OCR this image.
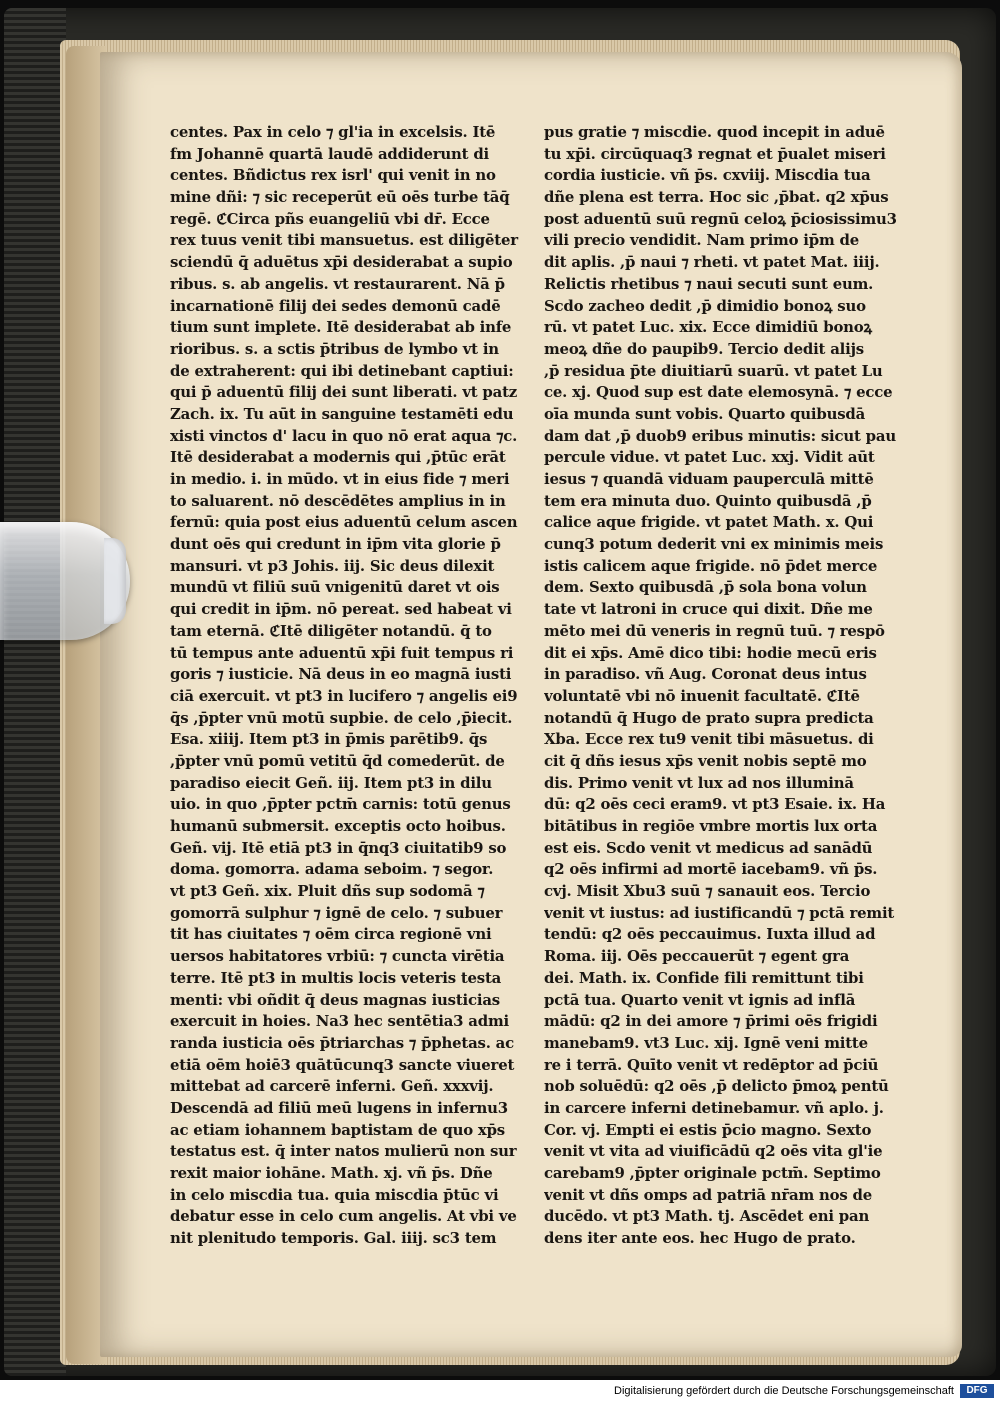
centes. Pax in celo ⁊ gl'ia in excelsis. Itē
fm Johannē quartā laudē addiderunt di
centes. Bñdictus rex isrl' qui venit in no
mine dñi: ⁊ sic receperūt eū oēs turbe tāq̄
regē. ℭCirca pñs euangeliū vbi dr̄. Ecce
rex tuus venit tibi mansuetus. est diligēter
sciendū q̄ aduētus xp̄i desiderabat a supio
ribus. s. ab angelis. vt restaurarent. Nā p̄
incarnationē filij dei sedes demonū cadē
tium sunt implete. Itē desiderabat ab infe
rioribus. s. a sctis p̄tribus de lymbo vt in
de extraherent: qui ibi detinebant captiui:
qui p̄ aduentū filij dei sunt liberati. vt patz
Zach. ix. Tu aūt in sanguine testamēti edu
xisti vinctos d' lacu in quo nō erat aqua ⁊c.
Itē desiderabat a modernis qui ,p̄tūc erāt
in medio. i. in mūdo. vt in eius fide ⁊ meri
to saluarent. nō descēdētes amplius in in
fernū: quia post eius aduentū celum ascen
dunt oēs qui credunt in ip̄m vita glorie p̄
mansuri. vt p3 Johis. iij. Sic deus dilexit
mundū vt filiū suū vnigenitū daret vt ois
qui credit in ip̄m. nō pereat. sed habeat vi
tam eternā. ℭItē diligēter notandū. q̄ to
tū tempus ante aduentū xp̄i fuit tempus ri
goris ⁊ iusticie. Nā deus in eo magnā iusti
ciā exercuit. vt pt3 in lucifero ⁊ angelis ei9
q̄s ,p̄pter vnū motū supbie. de celo ,p̄iecit.
Esa. xiiij. Item pt3 in p̄mis parētib9. q̄s
,p̄pter vnū pomū vetitū q̄d comederūt. de
paradiso eiecit Geñ. iij. Item pt3 in dilu
uio. in quo ,p̄pter pctm̄ carnis: totū genus
humanū submersit. exceptis octo hoibus.
Geñ. vij. Itē etiā pt3 in q̄nq3 ciuitatib9 so
doma. gomorra. adama seboim. ⁊ segor.
vt pt3 Geñ. xix. Pluit dñs sup sodomā ⁊
gomorrā sulphur ⁊ ignē de celo. ⁊ subuer
tit has ciuitates ⁊ oēm circa regionē vni
uersos habitatores vrbiū: ⁊ cuncta virētia
terre. Itē pt3 in multis locis veteris testa
menti: vbi oñdit q̄ deus magnas iusticias
exercuit in hoies. Na3 hec sentētia3 admi
randa iusticia oēs p̄triarchas ⁊ p̄phetas. ac
etiā oēm hoiē3 quātūcunq3 sancte viueret
mittebat ad carcerē inferni. Geñ. xxxvij.
Descendā ad filiū meū lugens in infernu3
ac etiam iohannem baptistam de quo xp̄s
testatus est. q̄ inter natos mulierū non sur
rexit maior iohāne. Math. xj. vñ p̄s. Dñe
in celo miscdia tua. quia miscdia p̄tūc vi
debatur esse in celo cum angelis. At vbi ve
nit plenitudo temporis. Gal. iiij. sc3 tem
pus gratie ⁊ miscdie. quod incepit in aduē
tu xp̄i. circūquaq3 regnat et p̄ualet miseri
cordia iusticie. vñ p̄s. cxviij. Miscdia tua
dñe plena est terra. Hoc sic ,p̄bat. q2 xp̄us
post aduentū suū regnū celoꝝ p̄ciosissimu3
vili precio vendidit. Nam primo ip̄m de
dit aplis. ,p̄ naui ⁊ rheti. vt patet Mat. iiij.
Relictis rhetibus ⁊ naui secuti sunt eum.
Scdo zacheo dedit ,p̄ dimidio bonoꝝ suo
rū. vt patet Luc. xix. Ecce dimidiū bonoꝝ
meoꝝ dñe do paupib9. Tercio dedit alijs
,p̄ residua p̄te diuitiarū suarū. vt patet Lu
ce. xj. Quod sup est date elemosynā. ⁊ ecce
oīa munda sunt vobis. Quarto quibusdā
dam dat ,p̄ duob9 eribus minutis: sicut pau
percule vidue. vt patet Luc. xxj. Vidit aūt
iesus ⁊ quandā viduam pauperculā mittē
tem era minuta duo. Quinto quibusdā ,p̄
calice aque frigide. vt patet Math. x. Qui
cunq3 potum dederit vni ex minimis meis
istis calicem aque frigide. nō p̄det merce
dem. Sexto quibusdā ,p̄ sola bona volun
tate vt latroni in cruce qui dixit. Dñe me
mēto mei dū veneris in regnū tuū. ⁊ respō
dit ei xp̄s. Amē dico tibi: hodie mecū eris
in paradiso. vñ Aug. Coronat deus intus
voluntatē vbi nō inuenit facultatē. ℭItē
notandū q̄ Hugo de prato supra predicta
Xba. Ecce rex tu9 venit tibi māsuetus. di
cit q̄ dñs iesus xp̄s venit nobis septē mo
dis. Primo venit vt lux ad nos illuminā
dū: q2 oēs ceci eram9. vt pt3 Esaie. ix. Ha
bitātibus in regiōe vmbre mortis lux orta
est eis. Scdo venit vt medicus ad sanādū
q2 oēs infirmi ad mortē iacebam9. vñ p̄s.
cvj. Misit Xbu3 suū ⁊ sanauit eos. Tercio
venit vt iustus: ad iustificandū ⁊ pctā remit
tendū: q2 oēs peccauimus. Iuxta illud ad
Roma. iij. Oēs peccauerūt ⁊ egent gra
dei. Math. ix. Confide fili remittunt tibi
pctā tua. Quarto venit vt ignis ad inflā
mādū: q2 in dei amore ⁊ p̄rimi oēs frigidi
manebam9. vt3 Luc. xij. Ignē veni mitte
re i terrā. Quīto venit vt redēptor ad p̄ciū
nob soluēdū: q2 oēs ,p̄ delicto p̄moꝝ pentū
in carcere inferni detinebamur. vñ aplo. j.
Cor. vj. Empti ei estis p̄cio magno. Sexto
venit vt vita ad viuificādū q2 oēs vita gl'ie
carebam9 ,p̄pter originale pctm̄. Septimo
venit vt dñs omps ad patriā nr̄am nos de
ducēdo. vt pt3 Math. tj. Ascēdet eni pan
dens iter ante eos. hec Hugo de prato.
Digitalisierung gefördert durch die Deutsche Forschungsgemeinschaft	DFG
